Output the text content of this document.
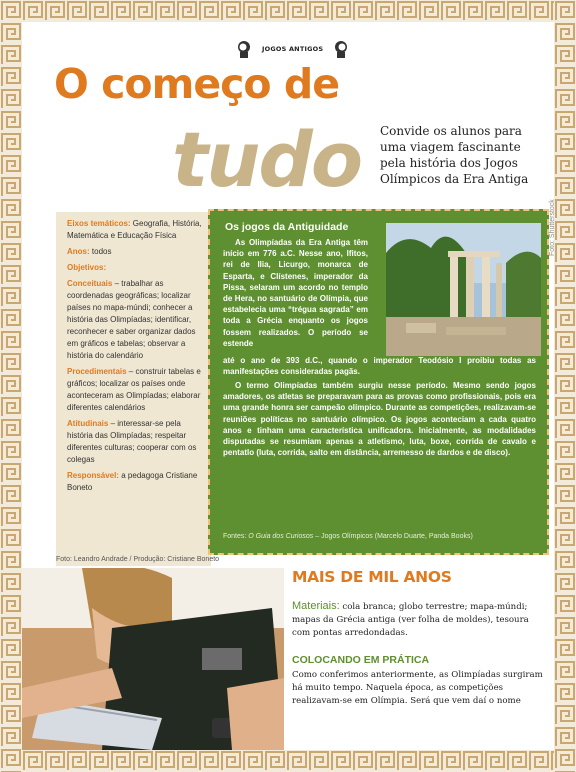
JOGOS ANTIGOS
O começo de
tudo Convide os alunos para uma viagem fascinante pela história dos Jogos Olímpicos da Era Antiga

Eixos temáticos: Geografia, História, Matemática e Educação Física

Anos: todos

Objetivos:

Conceituais – trabalhar as coordenadas geográficas; localizar países no mapa-múndi; conhecer a história das Olimpíadas; identificar, reconhecer e saber organizar dados em gráficos e tabelas; observar a história do calendário

Procedimentais – construir tabelas e gráficos; localizar os países onde aconteceram as Olimpíadas; elaborar diferentes calendários

Atitudinais – interessar-se pela história das Olimpíadas; respeitar diferentes culturas; cooperar com os colegas

Responsável: a pedagoga Cristiane Boneto

Foto: Leandro Andrade / Produção: Cristiane Boneto
Os jogos da Antiguidade

As Olimpíadas da Era Antiga têm início em 776 a.C. Nesse ano, Ifitos, rei de Ilia, Licurgo, monarca de Esparta, e Clístenes, imperador da Pissa, selaram um acordo no templo de Hera, no santuário de Olímpia, que estabelecia uma “trégua sagrada” em toda a Grécia enquanto os jogos fossem realizados. O período se estende

até o ano de 393 d.C., quando o imperador Teodósio I proibiu todas as manifestações consideradas pagãs.

O termo Olimpíadas também surgiu nesse período. Mesmo sendo jogos amadores, os atletas se preparavam para as provas como profissionais, pois era uma grande honra ser campeão olímpico. Durante as competições, realizavam-se reuniões políticas no santuário olímpico. Os jogos aconteciam a cada quatro anos e tinham uma característica unificadora. Inicialmente, as modalidades disputadas se resumiam apenas a atletismo, luta, boxe, corrida de cavalo e pentatlo (luta, corrida, salto em distância, arremesso de dardos e de disco).

Fontes: O Guia dos Curiosos – Jogos Olímpicos (Marcelo Duarte, Panda Books)
Foto: Shutterstock
MAIS DE MIL ANOS
Materiais: cola branca; globo terrestre; mapa-múndi; mapas da Grécia antiga (ver folha de moldes), tesoura com pontas arredondadas.
COLOCANDO EM PRÁTICA
Como conferimos anteriormente, as Olimpíadas surgiram há muito tempo. Naquela época, as competições realizavam-se em Olímpia. Será que vem daí o nome
